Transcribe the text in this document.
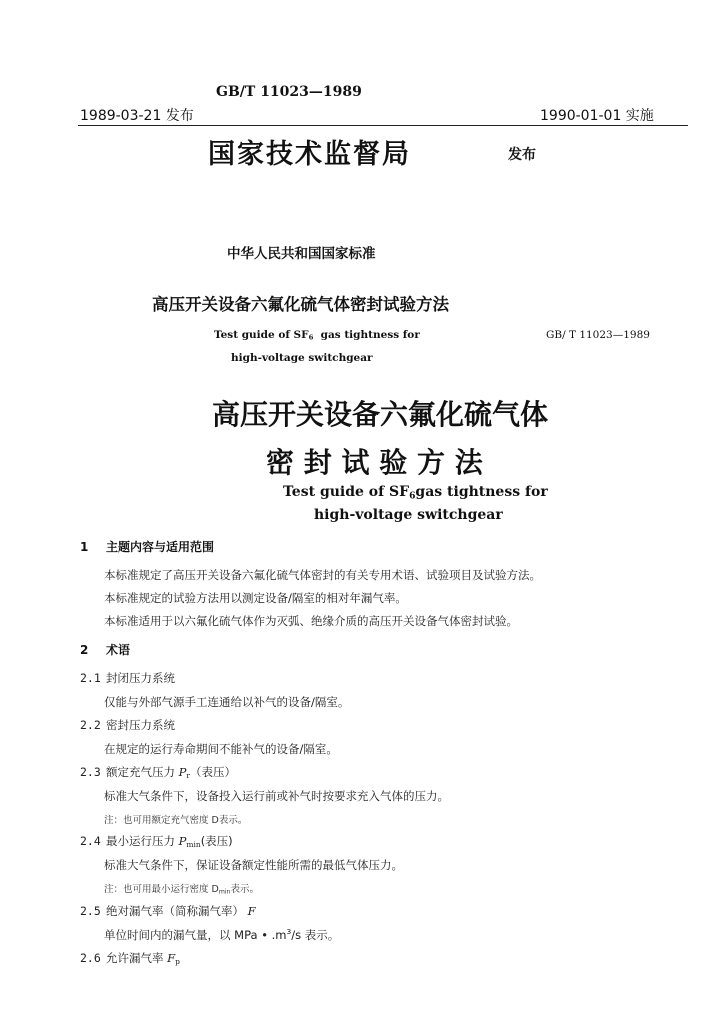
GB/T 11023—1989
1989-03-21 发布	1990-01-01 实施
国家技术监督局	发布
中华人民共和国国家标准
高压开关设备六氟化硫气体密封试验方法
Test guide of $SF_6$  gas tightness for
high-voltage switchgear
GB/ T 11023—1989
高压开关设备六氟化硫气体
密 封 试 验 方 法
Test guide of $SF_6gas$ tightness for
high-voltage switchgear
1 主题内容与适用范围
本标准规定了高压开关设备六氟化硫气体密封的有关专用术语、试验项目及试验方法。
本标准规定的试验方法用以测定设备/隔室的相对年漏气率。
本标准适用于以六氟化硫气体作为灭弧、绝缘介质的高压开关设备气体密封试验。
2 术语
2.1 封闭压力系统
仅能与外部气源手工连通给以补气的设备/隔室。
2.2 密封压力系统
在规定的运行寿命期间不能补气的设备/隔室。
2.3 额定充气压力 $P_r$（表压）
标准大气条件下，设备投入运行前或补气时按要求充入气体的压力。
注：也可用额定充气密度 D表示。
2.4 最小运行压力 $P_{min}$(表压)
标准大气条件下，保证设备额定性能所需的最低气体压力。
注：也可用最小运行密度 $D_{min}$表示。
2.5 绝对漏气率（简称漏气率） F
单位时间内的漏气量，以 MPa • $.m^3/s$ 表示。
2.6 允许漏气率 $F_p$
